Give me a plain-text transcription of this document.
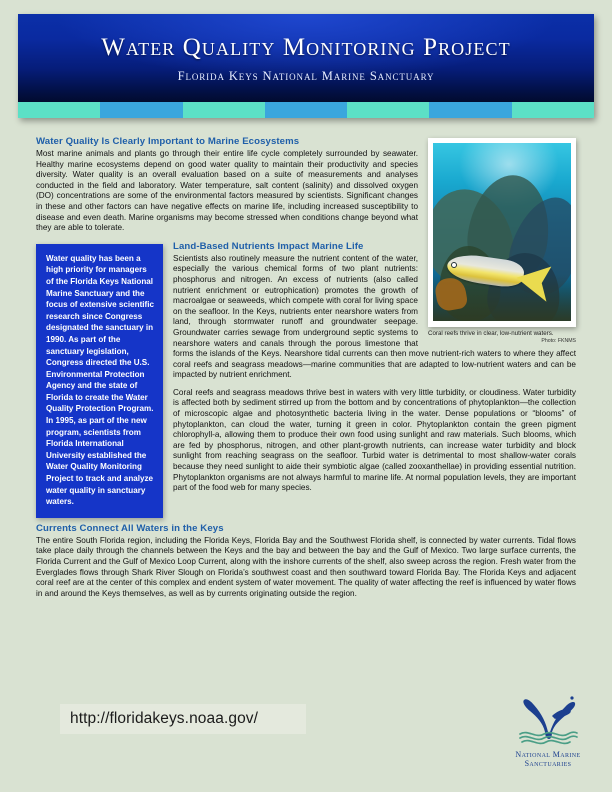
Water Quality Monitoring Project
Florida Keys National Marine Sanctuary
Coral reefs thrive in clear, low-nutrient waters.
Photo: FKNMS
Water Quality Is Clearly Important to Marine Ecosystems

Most marine animals and plants go through their entire life cycle completely surrounded by seawater. Healthy marine ecosystems depend on good water quality to maintain their productivity and species diversity. Water quality is an overall evaluation based on a suite of measurements and analyses conducted in the field and laboratory. Water temperature, salt content (salinity) and dissolved oxygen (DO) concentrations are some of the environmental factors measured by scientists. Significant changes in these and other factors can have negative effects on marine life, including increased susceptibility to disease and even death. Marine organisms may become stressed when conditions change beyond what they are able to tolerate.

Water quality has been a high priority for managers of the Florida Keys National Marine Sanctuary and the focus of extensive scientific research since Congress designated the sanctuary in 1990. As part of the sanctuary legislation, Congress directed the U.S. Environmental Protection Agency and the state of Florida to create the Water Quality Protection Program. In 1995, as part of the new program, scientists from Florida International University established the Water Quality Monitoring Project to track and analyze water quality in sanctuary waters.
Land-Based Nutrients Impact Marine Life

Scientists also routinely measure the nutrient content of the water, especially the various chemical forms of two plant nutrients: phosphorus and nitrogen. An excess of nutrients (also called nutrient enrichment or eutrophication) promotes the growth of macroalgae or seaweeds, which compete with coral for living space on the seafloor. In the Keys, nutrients enter nearshore waters from land, through stormwater runoff and groundwater seepage. Groundwater carries sewage from underground septic systems to nearshore waters and canals through the porous limestone that forms the islands of the Keys. Nearshore tidal currents can then move nutrient-rich waters to where they affect coral reefs and seagrass meadows—marine communities that are adapted to low-nutrient waters and can be impacted by nutrient enrichment.

Coral reefs and seagrass meadows thrive best in waters with very little turbidity, or cloudiness. Water turbidity is affected both by sediment stirred up from the bottom and by concentrations of phytoplankton—the collection of microscopic algae and photosynthetic bacteria living in the water. Dense populations or “blooms” of phytoplankton, can cloud the water, turning it green in color. Phytoplankton contain the green pigment chlorophyll-a, allowing them to produce their own food using sunlight and raw materials. Such blooms, which are fed by phosphorus, nitrogen, and other plant-growth nutrients, can increase water turbidity and block sunlight from reaching seagrass on the seafloor. Turbid water is detrimental to most shallow-water corals because they need sunlight to aide their symbiotic algae (called zooxanthellae) in providing essential nutrition. Phytoplankton organisms are not always harmful to marine life. At normal population levels, they are important part of the food web for many species.

Currents Connect All Waters in the Keys

The entire South Florida region, including the Florida Keys, Florida Bay and the Southwest Florida shelf, is connected by water currents. Tidal flows take place daily through the channels between the Keys and the bay and between the bay and the Gulf of Mexico. Two large surface currents, the Florida Current and the Gulf of Mexico Loop Current, along with the inshore currents of the shelf, also sweep across the region. Fresh water from the Everglades flows through Shark River Slough on Florida’s southwest coast and then southward toward Florida Bay. The Florida Keys and adjacent coral reef are at the center of this complex and endent system of water movement. The quality of water affecting the reef is influenced by water flows in and around the Keys themselves, as well as by currents originating outside the region.

http://floridakeys.noaa.gov/
National Marine
Sanctuaries
